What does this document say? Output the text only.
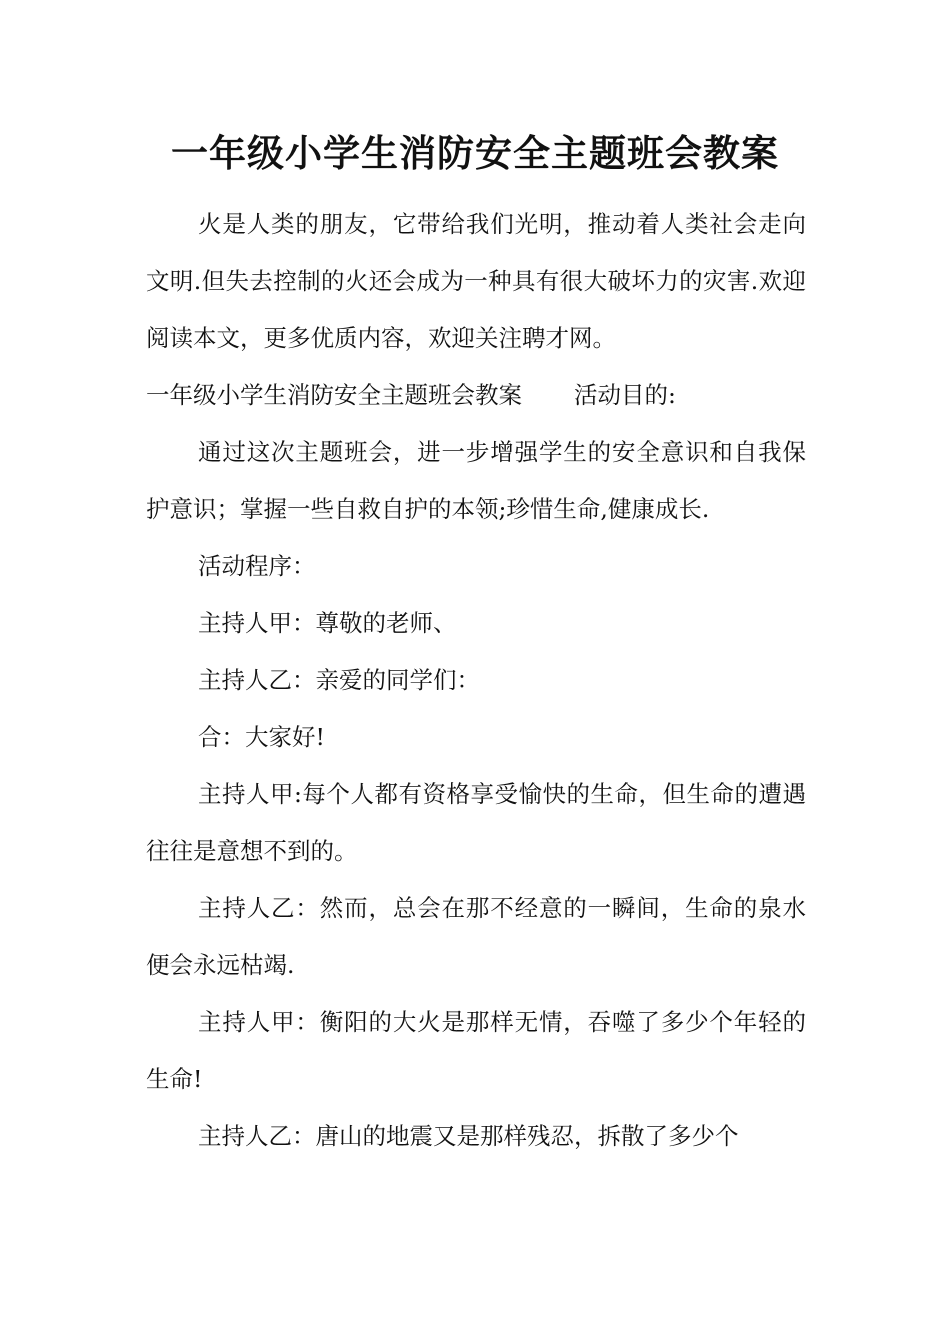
一年级小学生消防安全主题班会教案

火是人类的朋友，它带给我们光明，推动着人类社会走向文明.但失去控制的火还会成为一种具有很大破坏力的灾害.欢迎阅读本文，更多优质内容，欢迎关注聘才网。

一年级小学生消防安全主题班会教案 活动目的:

通过这次主题班会，进一步增强学生的安全意识和自我保护意识；掌握一些自救自护的本领;珍惜生命,健康成长.

活动程序：

主持人甲：尊敬的老师、

主持人乙：亲爱的同学们：

合：大家好!

主持人甲:每个人都有资格享受愉快的生命，但生命的遭遇往往是意想不到的。

主持人乙：然而，总会在那不经意的一瞬间，生命的泉水便会永远枯竭.

主持人甲：衡阳的大火是那样无情，吞噬了多少个年轻的生命!

主持人乙：唐山的地震又是那样残忍，拆散了多少个
